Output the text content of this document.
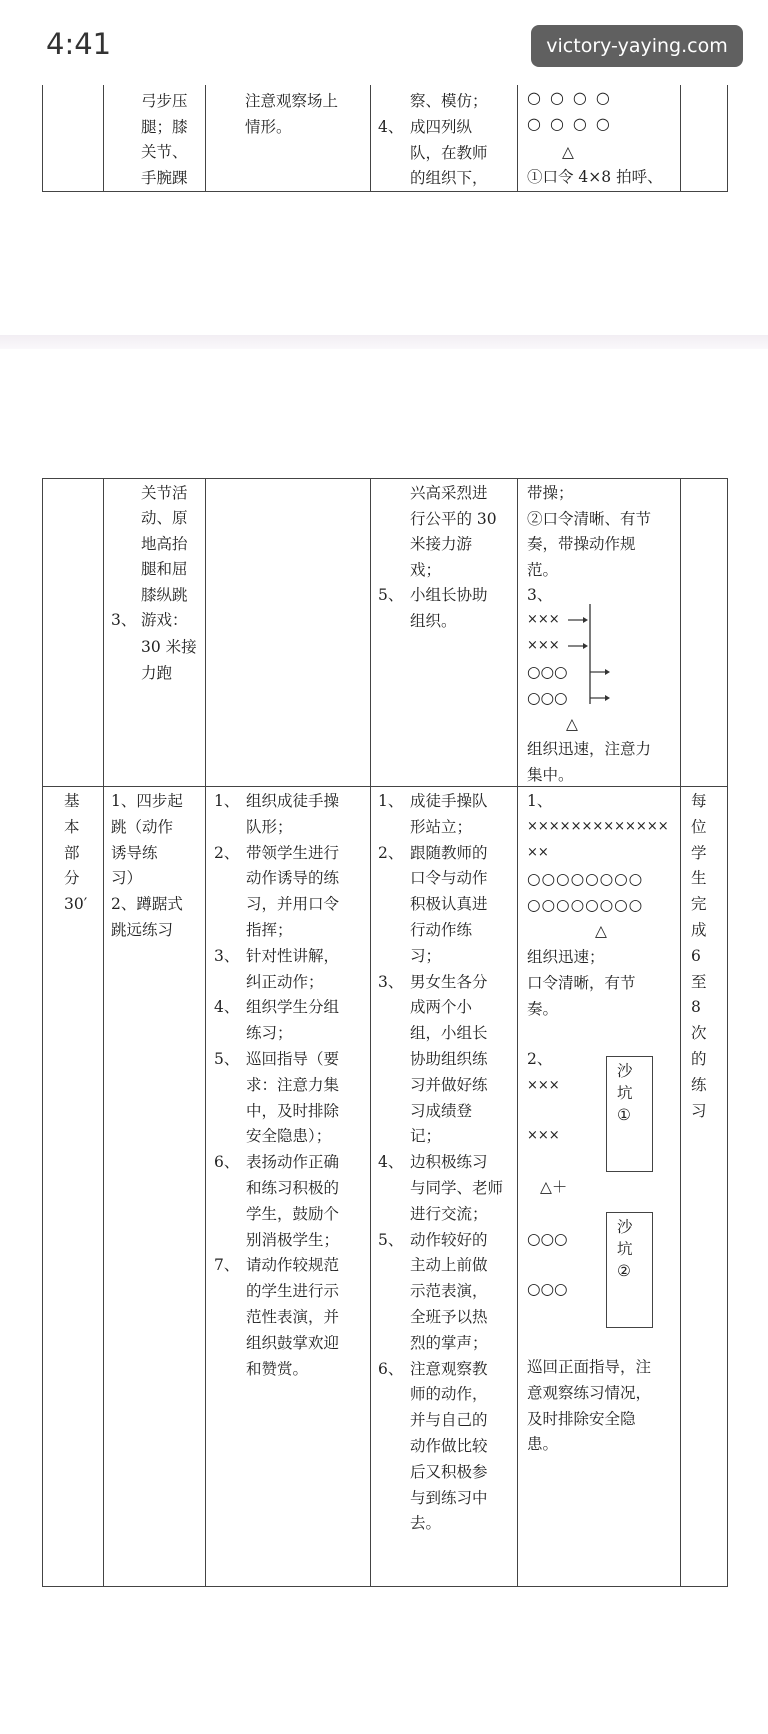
4:41	victory-yaying.com
弓步压
腿；膝
关节、
手腕踝
注意观察场上
情形。
察、模仿；
4、 成四列纵
队，在教师
的组织下，
○○○○
○○○○
△
①口令 4×8 拍呼、
关节活
动、原
地高抬
腿和屈
膝纵跳
3、 游戏：
30 米接
力跑
兴高采烈进
行公平的 30
米接力游
戏；
5、 小组长协助
组织。
带操；
②口令清晰、有节
奏，带操动作规
范。
3、
×××
×××
○○○
○○○
△
组织迅速，注意力
集中。
基
本
部
分
30′
1、四步起
跳（动作
诱导练
习）
2、蹲踞式
跳远练习
1、 组织成徒手操
队形；
2、 带领学生进行
动作诱导的练
习，并用口令
指挥；
3、 针对性讲解，
纠正动作；
4、 组织学生分组
练习；
5、 巡回指导（要
求：注意力集
中，及时排除
安全隐患）；
6、 表扬动作正确
和练习积极的
学生，鼓励个
别消极学生；
7、 请动作较规范
的学生进行示
范性表演，并
组织鼓掌欢迎
和赞赏。
1、 成徒手操队
形站立；
2、 跟随教师的
口令与动作
积极认真进
行动作练
习；
3、 男女生各分
成两个小
组，小组长
协助组织练
习并做好练
习成绩登
记；
4、 边积极练习
与同学、老师
进行交流；
5、 动作较好的
主动上前做
示范表演，
全班予以热
烈的掌声；
6、 注意观察教
师的动作，
并与自己的
动作做比较
后又积极参
与到练习中
去。
1、
×××××××××××××
××
○○○○○○○○
○○○○○○○○
△
组织迅速；
口令清晰，有节
奏。
2、
×××
×××
沙
坑
①
△＋
○○○
○○○
沙
坑
②
巡回正面指导，注
意观察练习情况，
及时排除安全隐
患。
每
位
学
生
完
成
6
至
8
次
的
练
习
